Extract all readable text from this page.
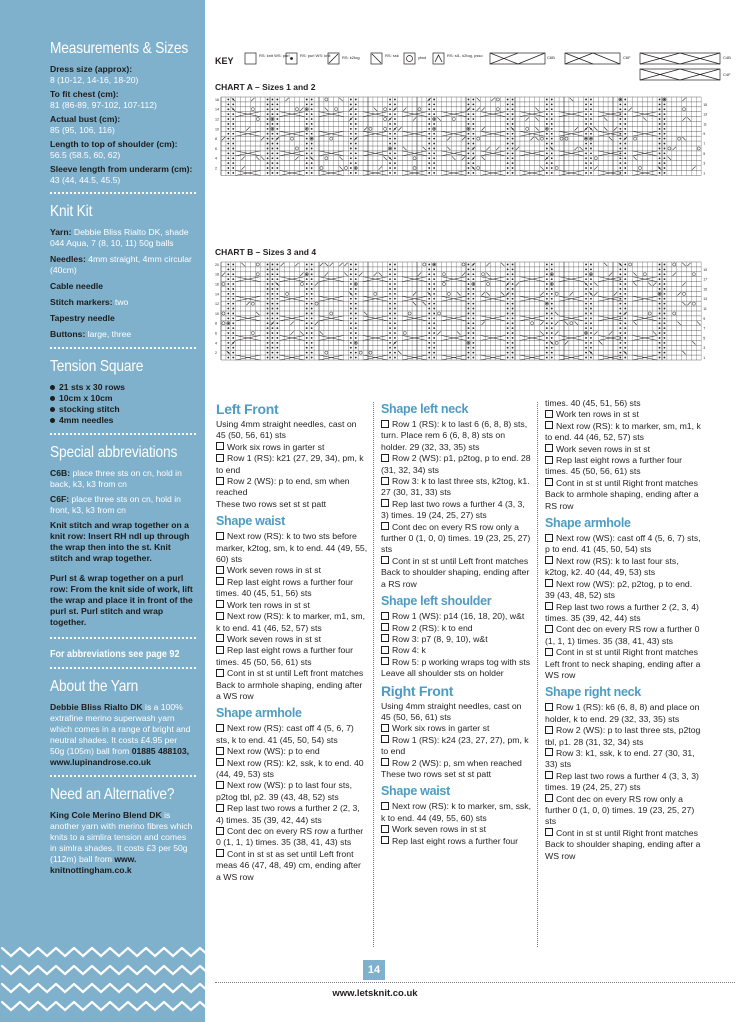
Measurements & Sizes
Dress size (approx):
8 (10-12, 14-16, 18-20)
To fit chest (cm):
81 (86-89, 97-102, 107-112)
Actual bust (cm):
85 (95, 106, 116)
Length to top of shoulder (cm):
56.5 (58.5, 60, 62)
Sleeve length from underarm (cm):
43 (44, 44.5, 45.5)
Knit Kit
Yarn: Debbie Bliss Rialto DK, shade 044 Aqua, 7 (8, 10, 11) 50g balls
Needles: 4mm straight, 4mm circular (40cm)
Cable needle
Stitch markers: two
Tapestry needle
Buttons: large, three
Tension Square
21 sts x 30 rows
10cm x 10cm
stocking stitch
4mm needles
Special abbreviations
C6B: place three sts on cn, hold in back, k3, k3 from cn
C6F: place three sts on cn, hold in front, k3, k3 from cn
Knit stitch and wrap together on a knit row: Insert RH ndl up through the wrap then into the st. Knit stitch and wrap together.
Purl st & wrap together on a purl row: From the knit side of work, lift the wrap and place it in front of the purl st. Purl stitch and wrap together.
For abbreviations see page 92
About the Yarn
Debbie Bliss Rialto DK is a 100% extrafine merino superwash yarn which comes in a range of bright and neutral shades. It costs £4.95 per 50g (105m) ball from 01885 488103, www.lupinandrose.co.uk
Need an Alternative?
King Cole Merino Blend DK is another yarn with merino fibres which knits to a simlira tension and comes in simlra shades. It costs £3 per 50g (112m) ball from www. knitnottingham.co.k
KEY
RS: knit WS: purl	RS: purl WS: knit	RS: k2tog	RS: ssk	yfwd	RS: sl1, k2tog, psso	C6B	C6F	C4B
C4F
CHART A – Sizes 1 and 2
16
15
14
13
12
11
10
9
8
7
6
5
4
3
2
1
CHART B – Sizes 3 and 4
20
19
18
17
16
15
14
13
12
11
10
9
8
7
6
5
4
3
2
1
Left Front

Using 4mm straight needles, cast on 45 (50, 56, 61) sts

Work six rows in garter st

Row 1 (RS): k21 (27, 29, 34), pm, k to end

Row 2 (WS): p to end, sm when reached

These two rows set st st patt

Shape waist

Next row (RS): k to two sts before marker, k2tog, sm, k to end. 44 (49, 55, 60) sts

Work seven rows in st st

Rep last eight rows a further four times. 40 (45, 51, 56) sts

Work ten rows in st st

Next row (RS): k to marker, m1, sm, k to end. 41 (46, 52, 57) sts

Work seven rows in st st

Rep last eight rows a further four times. 45 (50, 56, 61) sts

Cont in st st until Left front matches Back to armhole shaping, ending after a WS row

Shape armhole

Next row (RS): cast off 4 (5, 6, 7) sts, k to end. 41 (45, 50, 54) sts

Next row (WS): p to end

Next row (RS): k2, ssk, k to end. 40 (44, 49, 53) sts

Next row (WS): p to last four sts, p2tog tbl, p2. 39 (43, 48, 52) sts

Rep last two rows a further 2 (2, 3, 4) times. 35 (39, 42, 44) sts

Cont dec on every RS row a further 0 (1, 1, 1) times. 35 (38, 41, 43) sts

Cont in st st as set until Left front meas 46 (47, 48, 49) cm, ending after a WS row

Shape left neck

Row 1 (RS): k to last 6 (6, 8, 8) sts, turn. Place rem 6 (6, 8, 8) sts on holder. 29 (32, 33, 35) sts

Row 2 (WS): p1, p2tog, p to end. 28 (31, 32, 34) sts

Row 3: k to last three sts, k2tog, k1. 27 (30, 31, 33) sts

Rep last two rows a further 4 (3, 3, 3) times. 19 (24, 25, 27) sts

Cont dec on every RS row only a further 0 (1, 0, 0) times. 19 (23, 25, 27) sts

Cont in st st until Left front matches Back to shoulder shaping, ending after a RS row

Shape left shoulder

Row 1 (WS): p14 (16, 18, 20), w&t

Row 2 (RS): k to end

Row 3: p7 (8, 9, 10), w&t

Row 4: k

Row 5: p working wraps tog with sts

Leave all shoulder sts on holder

Right Front

Using 4mm straight needles, cast on 45 (50, 56, 61) sts

Work six rows in garter st

Row 1 (RS): k24 (23, 27, 27), pm, k to end

Row 2 (WS): p, sm when reached

These two rows set st st patt

Shape waist

Next row (RS): k to marker, sm, ssk, k to end. 44 (49, 55, 60) sts

Work seven rows in st st

Rep last eight rows a further four

times. 40 (45, 51, 56) sts

Work ten rows in st st

Next row (RS): k to marker, sm, m1, k to end. 44 (46, 52, 57) sts

Work seven rows in st st

Rep last eight rows a further four times. 45 (50, 56, 61) sts

Cont in st st until Right front matches Back to armhole shaping, ending after a RS row

Shape armhole

Next row (WS): cast off 4 (5, 6, 7) sts, p to end. 41 (45, 50, 54) sts

Next row (RS): k to last four sts, k2tog, k2. 40 (44, 49, 53) sts

Next row (WS): p2, p2tog, p to end. 39 (43, 48, 52) sts

Rep last two rows a further 2 (2, 3, 4) times. 35 (39, 42, 44) sts

Cont dec on every RS row a further 0 (1, 1, 1) times. 35 (38, 41, 43) sts

Cont in st st until Right front matches Left front to neck shaping, ending after a WS row

Shape right neck

Row 1 (RS): k6 (6, 8, 8) and place on holder, k to end. 29 (32, 33, 35) sts

Row 2 (WS): p to last three sts, p2tog tbl, p1. 28 (31, 32, 34) sts

Row 3: k1, ssk, k to end. 27 (30, 31, 33) sts

Rep last two rows a further 4 (3, 3, 3) times. 19 (24, 25, 27) sts

Cont dec on every RS row only a further 0 (1, 0, 0) times. 19 (23, 25, 27) sts

Cont in st st until Right front matches Back to shoulder shaping, ending after a WS row

14
www.letsknit.co.uk
